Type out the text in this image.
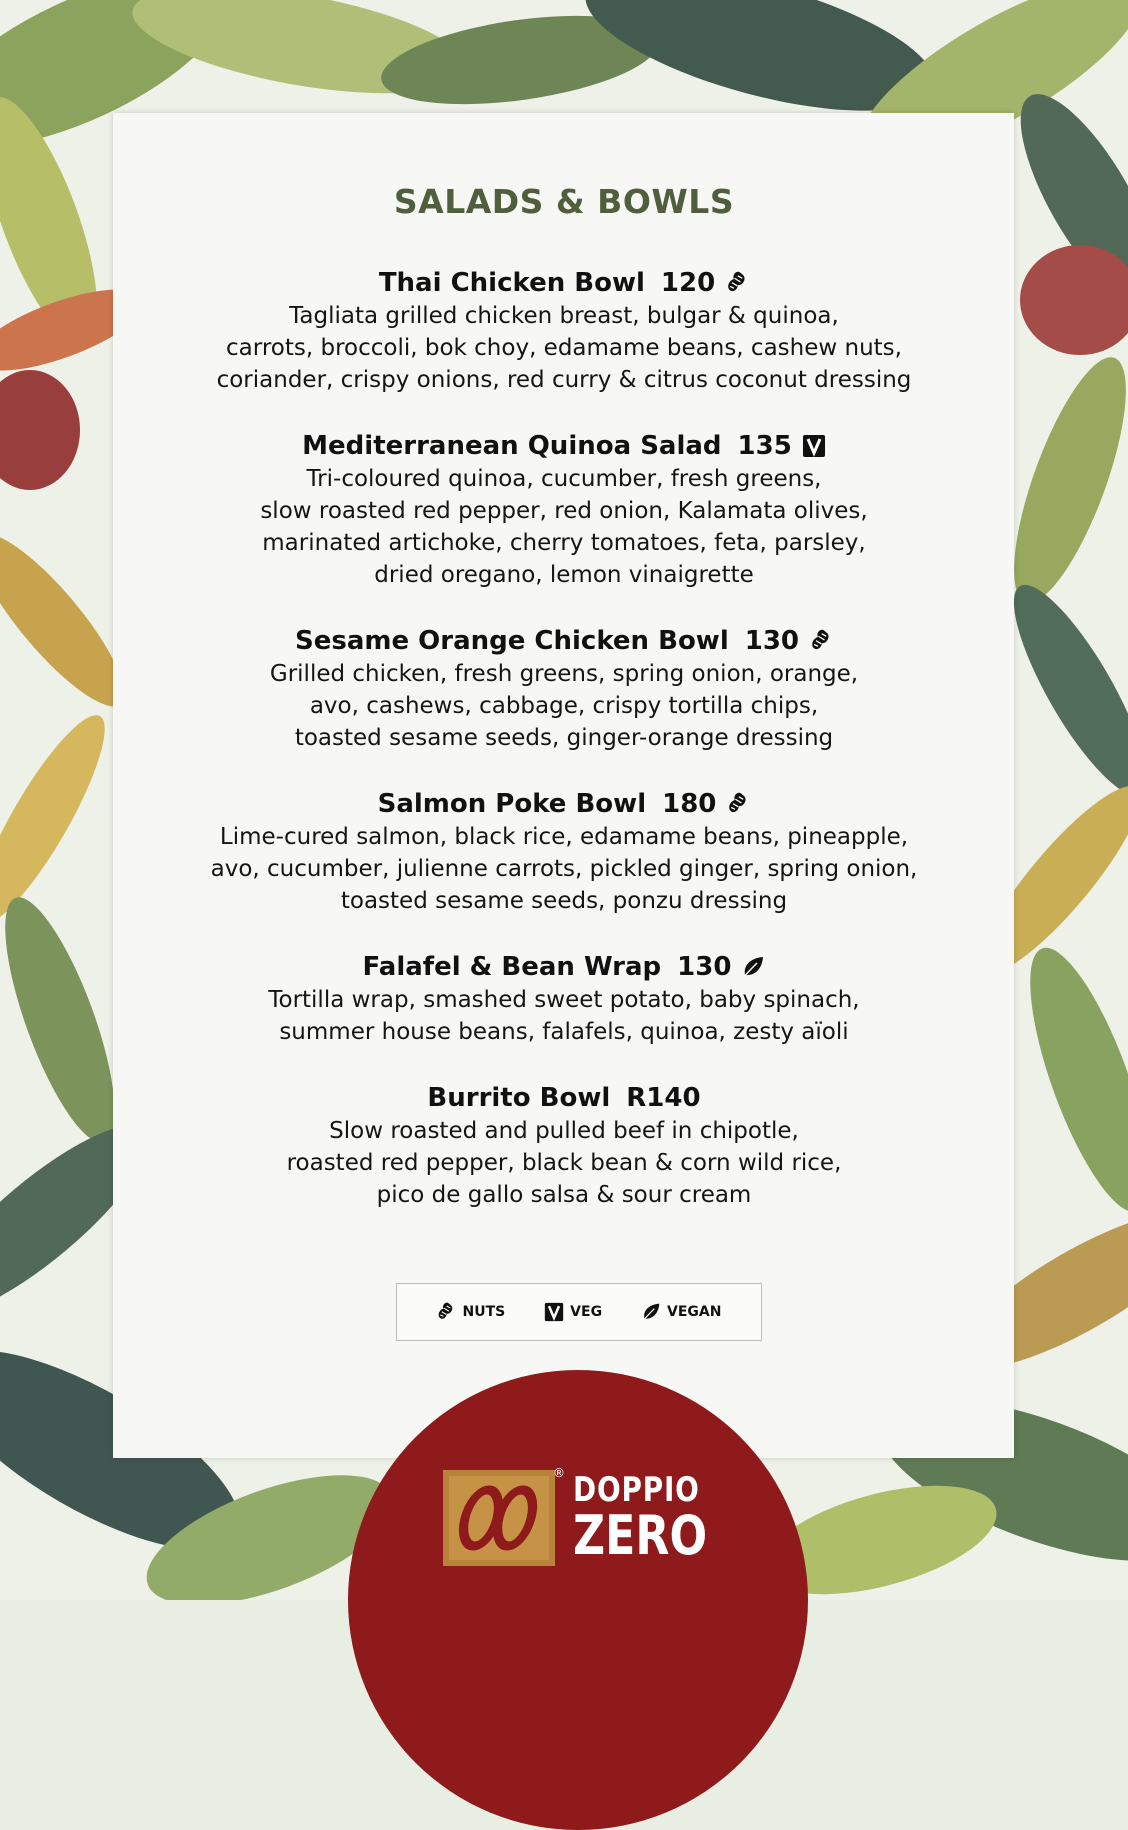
SALADS & BOWLS
Thai Chicken Bowl 120
Tagliata grilled chicken breast, bulgar & quinoa,
carrots, broccoli, bok choy, edamame beans, cashew nuts,
coriander, crispy onions, red curry & citrus coconut dressing
Mediterranean Quinoa Salad 135
Tri-coloured quinoa, cucumber, fresh greens,
slow roasted red pepper, red onion, Kalamata olives,
marinated artichoke, cherry tomatoes, feta, parsley,
dried oregano, lemon vinaigrette
Sesame Orange Chicken Bowl 130
Grilled chicken, fresh greens, spring onion, orange,
avo, cashews, cabbage, crispy tortilla chips,
toasted sesame seeds, ginger-orange dressing
Salmon Poke Bowl 180
Lime-cured salmon, black rice, edamame beans, pineapple,
avo, cucumber, julienne carrots, pickled ginger, spring onion,
toasted sesame seeds, ponzu dressing
Falafel & Bean Wrap 130
Tortilla wrap, smashed sweet potato, baby spinach,
summer house beans, falafels, quinoa, zesty aïoli
Burrito Bowl R140
Slow roasted and pulled beef in chipotle,
roasted red pepper, black bean & corn wild rice,
pico de gallo salsa & sour cream
NUTS	VEG	VEGAN
DOPPIO
ZERO
®
